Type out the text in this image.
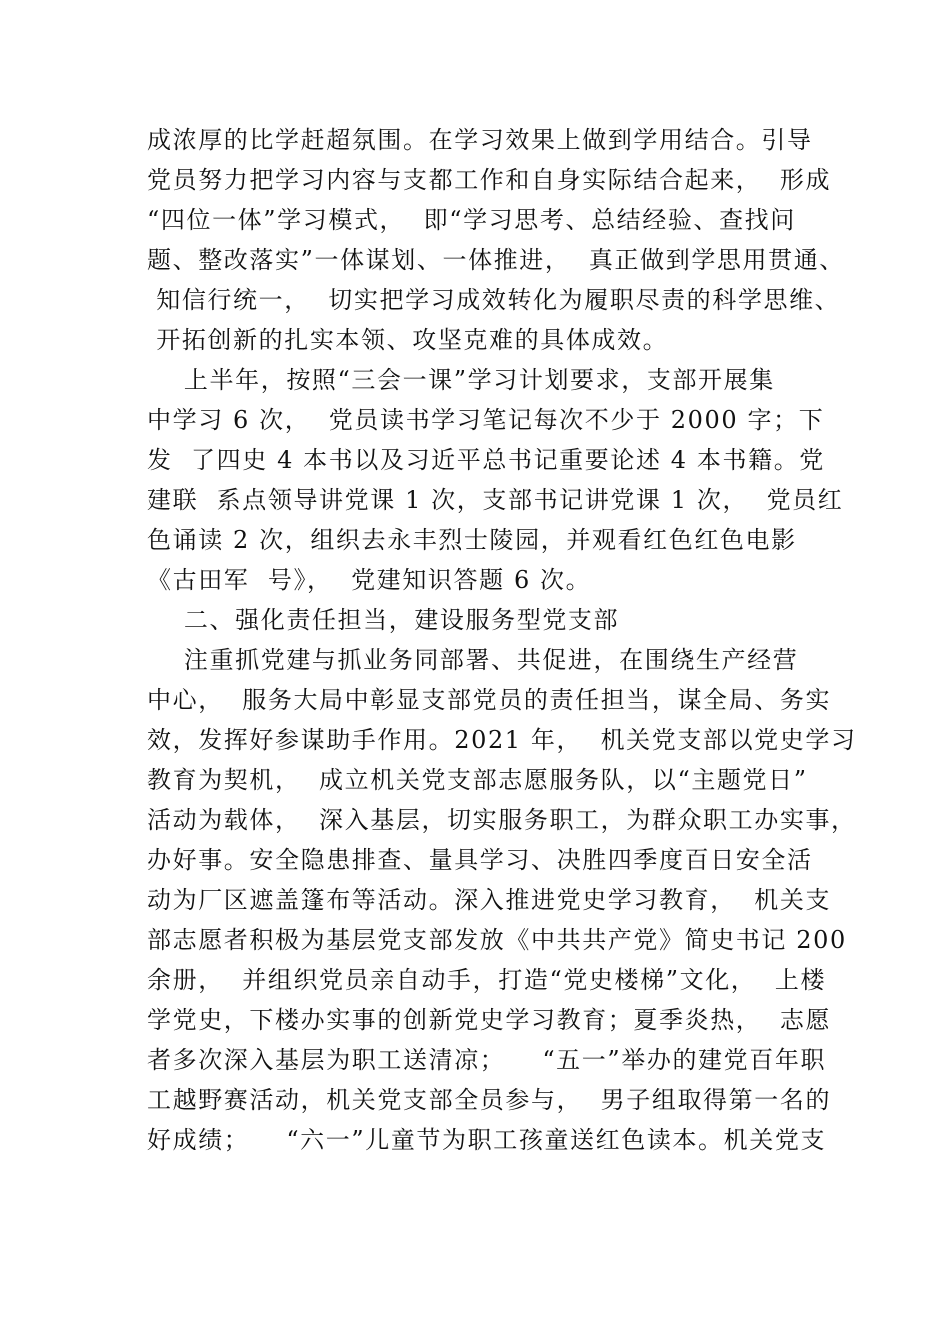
成浓厚的比学赶超氛围。在学习效果上做到学用结合。引导
党员努力把学习内容与支都工作和自身实际结合起来，  形成
“四位一体”学习模式，  即“学习思考、总结经验、查找问
题、整改落实”一体谋划、一体推进，  真正做到学思用贯通、
知信行统一，  切实把学习成效转化为履职尽责的科学思维、
开拓创新的扎实本领、攻坚克难的具体成效。
上半年，按照“三会一课”学习计划要求，支部开展集
中学习 6 次，  党员读书学习笔记每次不少于 2000 字；下
发  了四史 4 本书以及习近平总书记重要论述 4 本书籍。党
建联  系点领导讲党课 1 次，支部书记讲党课 1 次，  党员红
色诵读 2 次，组织去永丰烈士陵园，并观看红色红色电影
《古田军  号》，  党建知识答题 6 次。
二、强化责任担当，建设服务型党支部
注重抓党建与抓业务同部署、共促进，在围绕生产经营
中心，  服务大局中彰显支部党员的责任担当，谋全局、务实
效，发挥好参谋助手作用。2021 年，  机关党支部以党史学习
教育为契机，  成立机关党支部志愿服务队，以“主题党日”
活动为载体，  深入基层，切实服务职工，为群众职工办实事，
办好事。安全隐患排查、量具学习、决胜四季度百日安全活
动为厂区遮盖篷布等活动。深入推进党史学习教育，  机关支
部志愿者积极为基层党支部发放《中共共产党》简史书记 200
余册，  并组织党员亲自动手，打造“党史楼梯”文化，  上楼
学党史，下楼办实事的创新党史学习教育；夏季炎热，  志愿
者多次深入基层为职工送清凉；    “五一”举办的建党百年职
工越野赛活动，机关党支部全员参与，  男子组取得第一名的
好成绩；    “六一”儿童节为职工孩童送红色读本。机关党支
